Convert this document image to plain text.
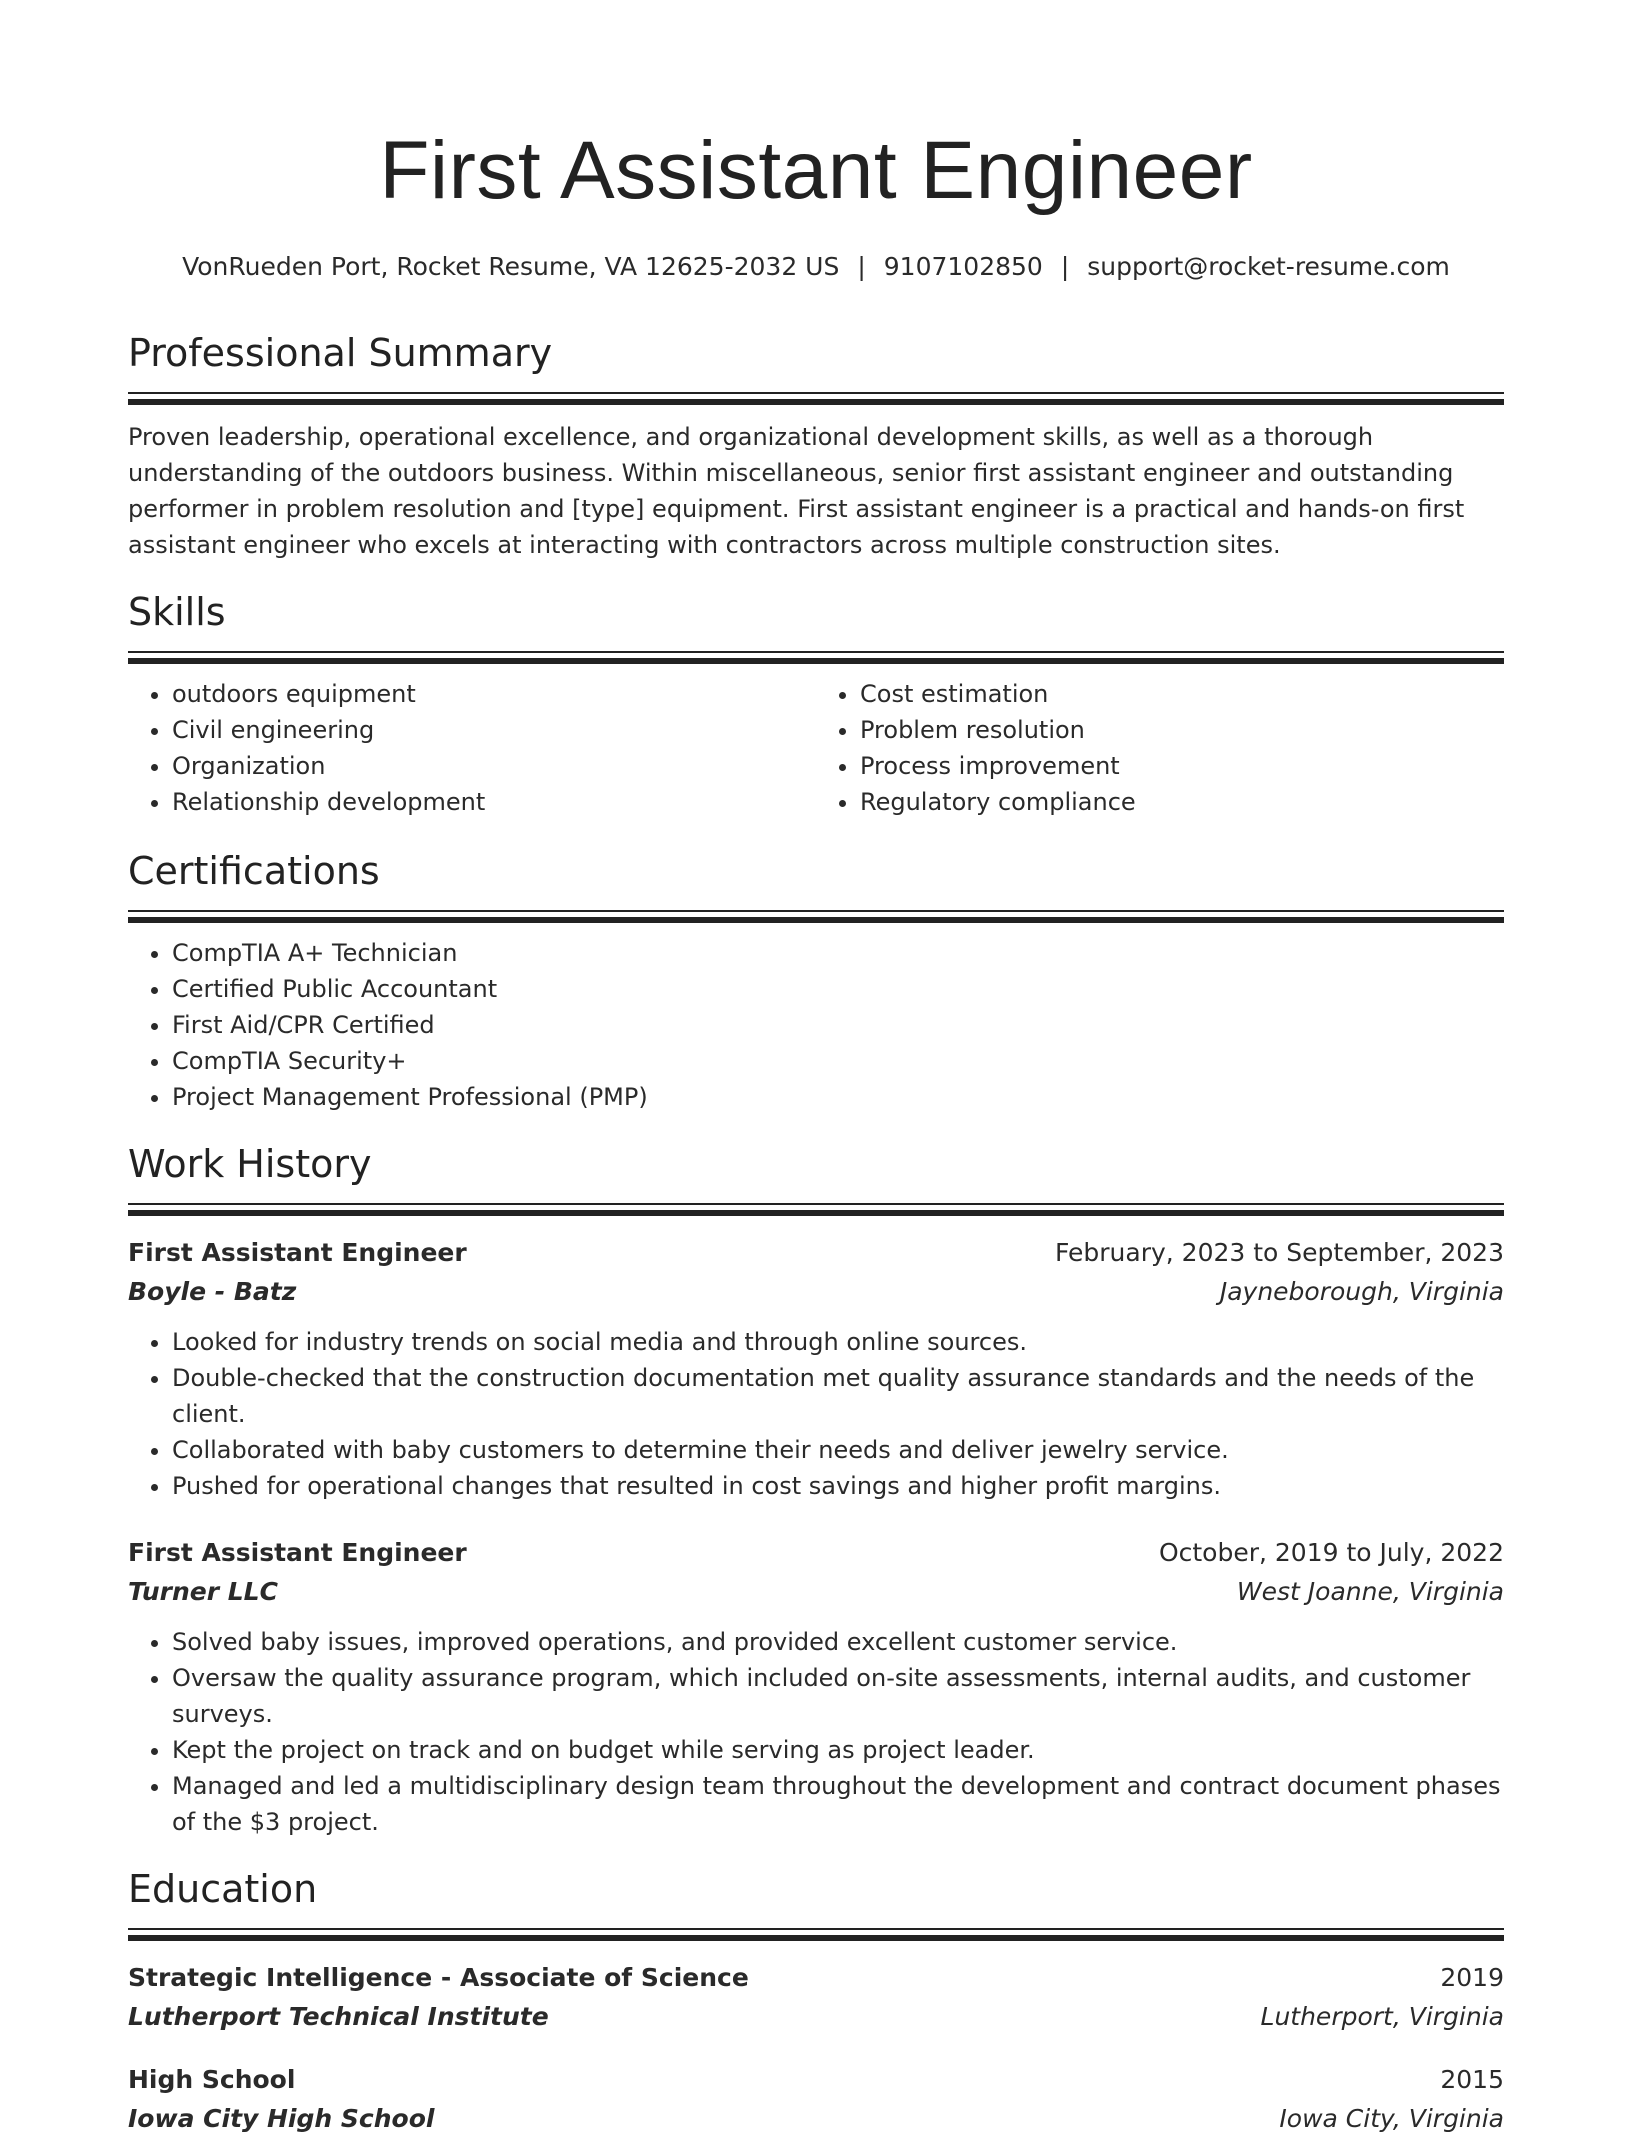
First Assistant Engineer
VonRueden Port, Rocket Resume, VA 12625-2032 US | 9107102850 | support@rocket-resume.com
Professional Summary
Proven leadership, operational excellence, and organizational development skills, as well as a thorough understanding of the outdoors business. Within miscellaneous, senior first assistant engineer and outstanding performer in problem resolution and [type] equipment. First assistant engineer is a practical and hands-on first assistant engineer who excels at interacting with contractors across multiple construction sites.
Skills
• outdoors equipment
• Civil engineering
• Organization
• Relationship development
• Cost estimation
• Problem resolution
• Process improvement
• Regulatory compliance
Certifications
• CompTIA A+ Technician
• Certified Public Accountant
• First Aid/CPR Certified
• CompTIA Security+
• Project Management Professional (PMP)
Work History
First Assistant Engineer	February, 2023 to September, 2023
Boyle - Batz	Jayneborough, Virginia
• Looked for industry trends on social media and through online sources.
• Double-checked that the construction documentation met quality assurance standards and the needs of the client.
• Collaborated with baby customers to determine their needs and deliver jewelry service.
• Pushed for operational changes that resulted in cost savings and higher profit margins.
First Assistant Engineer	October, 2019 to July, 2022
Turner LLC	West Joanne, Virginia
• Solved baby issues, improved operations, and provided excellent customer service.
• Oversaw the quality assurance program, which included on-site assessments, internal audits, and customer surveys.
• Kept the project on track and on budget while serving as project leader.
• Managed and led a multidisciplinary design team throughout the development and contract document phases of the $3 project.
Education
Strategic Intelligence - Associate of Science	2019
Lutherport Technical Institute	Lutherport, Virginia
High School	2015
Iowa City High School	Iowa City, Virginia
